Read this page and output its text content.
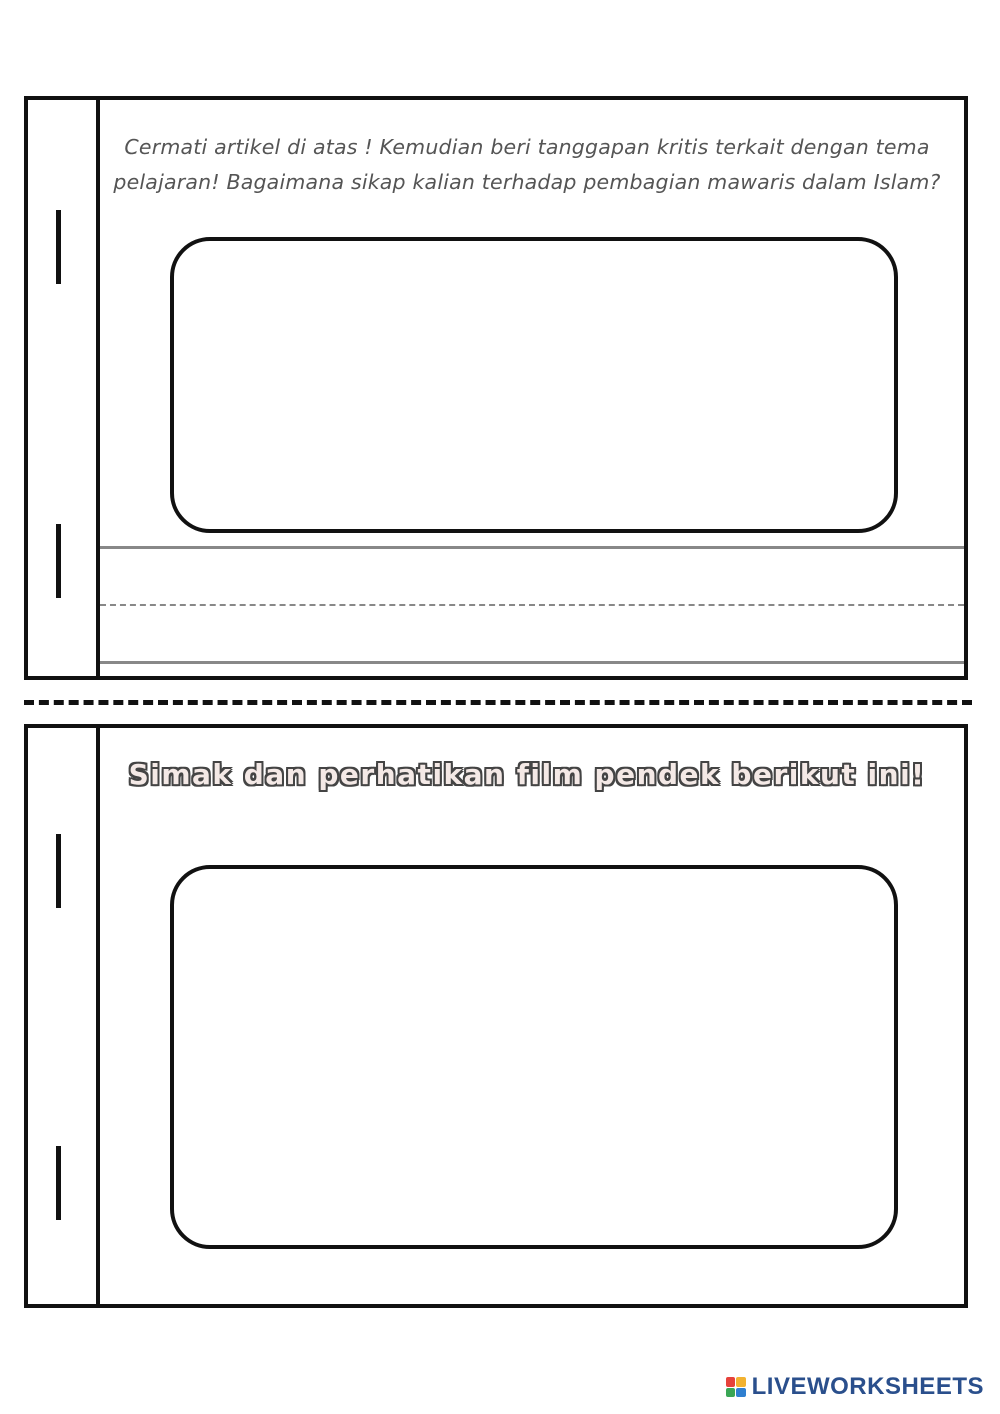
Cermati artikel di atas ! Kemudian beri tanggapan kritis terkait dengan tema
pelajaran! Bagaimana sikap kalian terhadap pembagian mawaris dalam Islam?
Simak dan perhatikan film pendek berikut ini!
LIVEWORKSHEETS
